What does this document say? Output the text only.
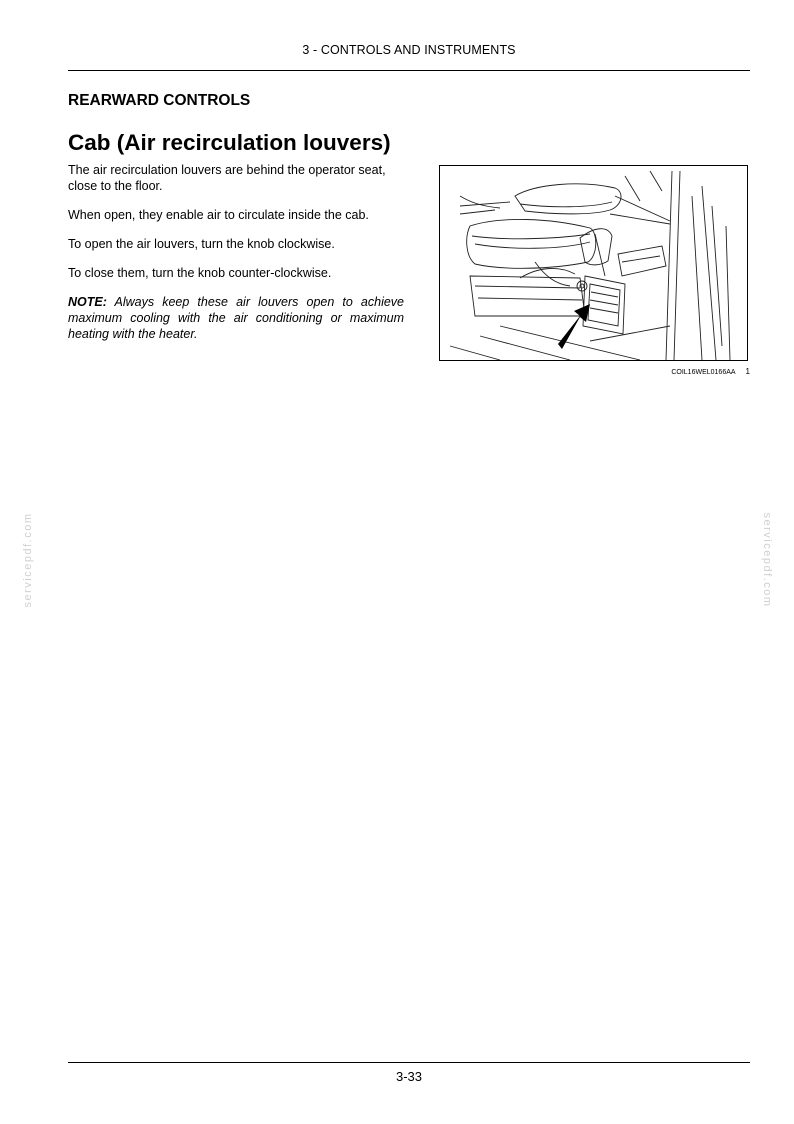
3 - CONTROLS AND INSTRUMENTS
REARWARD CONTROLS
Cab (Air recirculation louvers)

The air recirculation louvers are behind the operator seat, close to the floor.

When open, they enable air to circulate inside the cab.

To open the air louvers, turn the knob clockwise.

To close them, turn the knob counter-clockwise.

NOTE: Always keep these air louvers open to achieve maximum cooling with the air conditioning or maximum heating with the heater.

COIL16WEL0166AA 1
servicepdf.com	servicepdf.com
3-33
